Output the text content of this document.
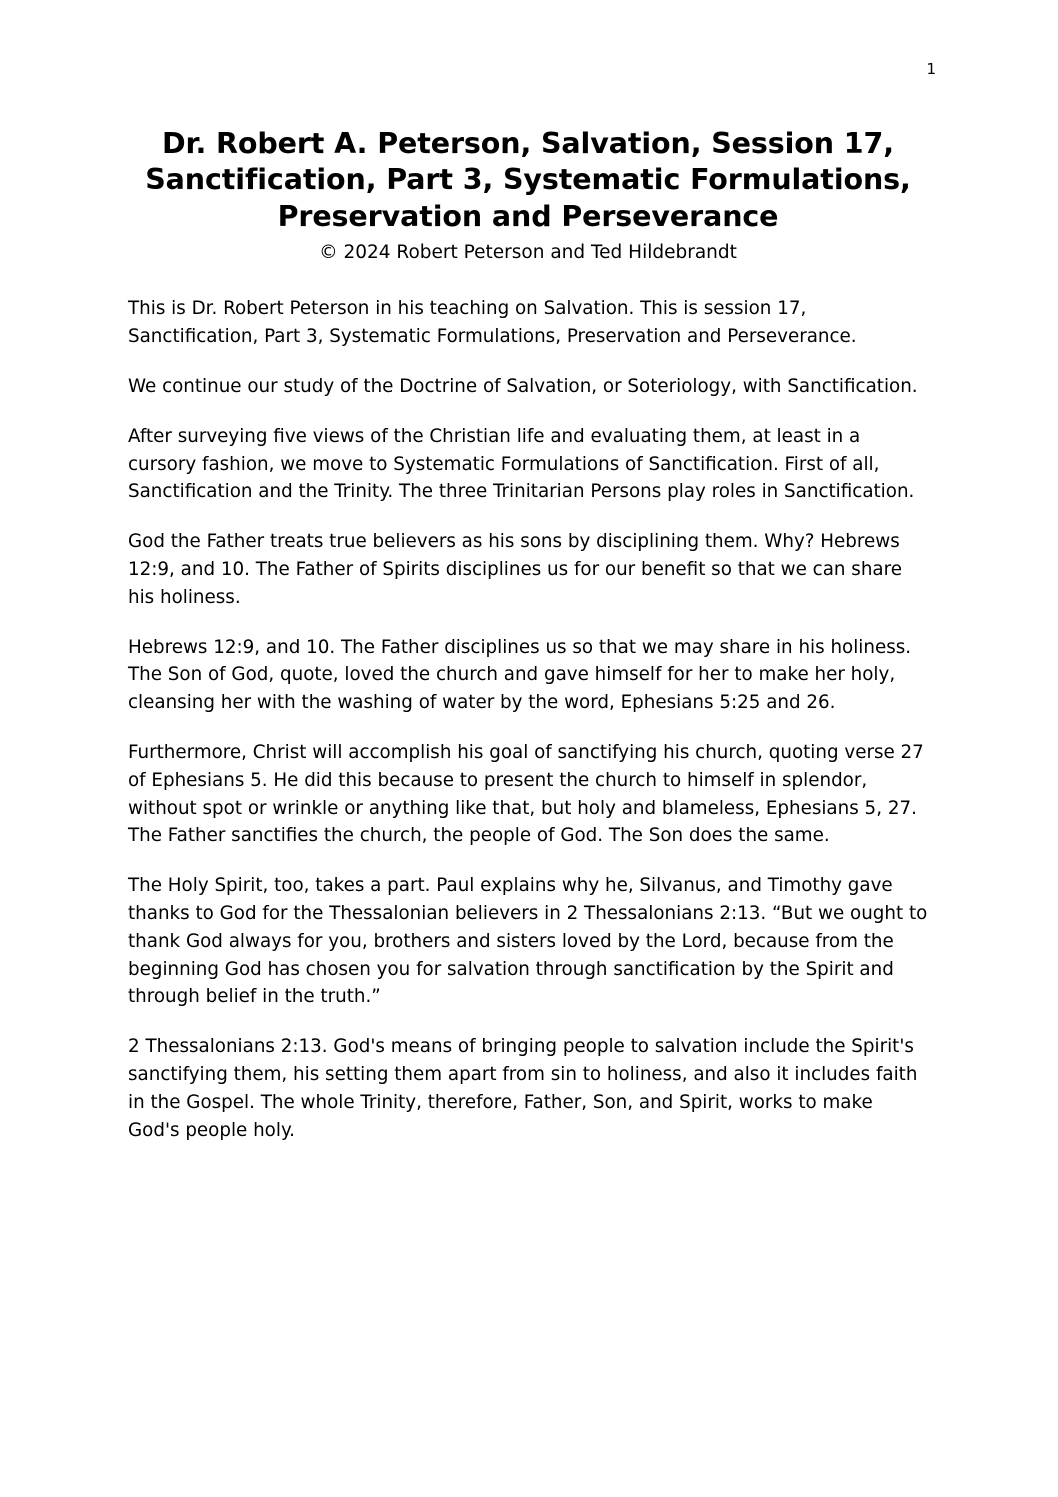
1
Dr. Robert A. Peterson, Salvation, Session 17, Sanctification, Part 3, Systematic Formulations, Preservation and Perseverance
© 2024 Robert Peterson and Ted Hildebrandt

This is Dr. Robert Peterson in his teaching on Salvation. This is session 17, Sanctification, Part 3, Systematic Formulations, Preservation and Perseverance.

We continue our study of the Doctrine of Salvation, or Soteriology, with Sanctification.

After surveying five views of the Christian life and evaluating them, at least in a cursory fashion, we move to Systematic Formulations of Sanctification. First of all, Sanctification and the Trinity. The three Trinitarian Persons play roles in Sanctification.

God the Father treats true believers as his sons by disciplining them. Why? Hebrews 12:9, and 10. The Father of Spirits disciplines us for our benefit so that we can share his holiness.

Hebrews 12:9, and 10. The Father disciplines us so that we may share in his holiness. The Son of God, quote, loved the church and gave himself for her to make her holy, cleansing her with the washing of water by the word, Ephesians 5:25 and 26.

Furthermore, Christ will accomplish his goal of sanctifying his church, quoting verse 27 of Ephesians 5. He did this because to present the church to himself in splendor, without spot or wrinkle or anything like that, but holy and blameless, Ephesians 5, 27. The Father sanctifies the church, the people of God. The Son does the same.

The Holy Spirit, too, takes a part. Paul explains why he, Silvanus, and Timothy gave thanks to God for the Thessalonian believers in 2 Thessalonians 2:13. “But we ought to thank God always for you, brothers and sisters loved by the Lord, because from the beginning God has chosen you for salvation through sanctification by the Spirit and through belief in the truth.”

2 Thessalonians 2:13. God's means of bringing people to salvation include the Spirit's sanctifying them, his setting them apart from sin to holiness, and also it includes faith in the Gospel. The whole Trinity, therefore, Father, Son, and Spirit, works to make God's people holy.
